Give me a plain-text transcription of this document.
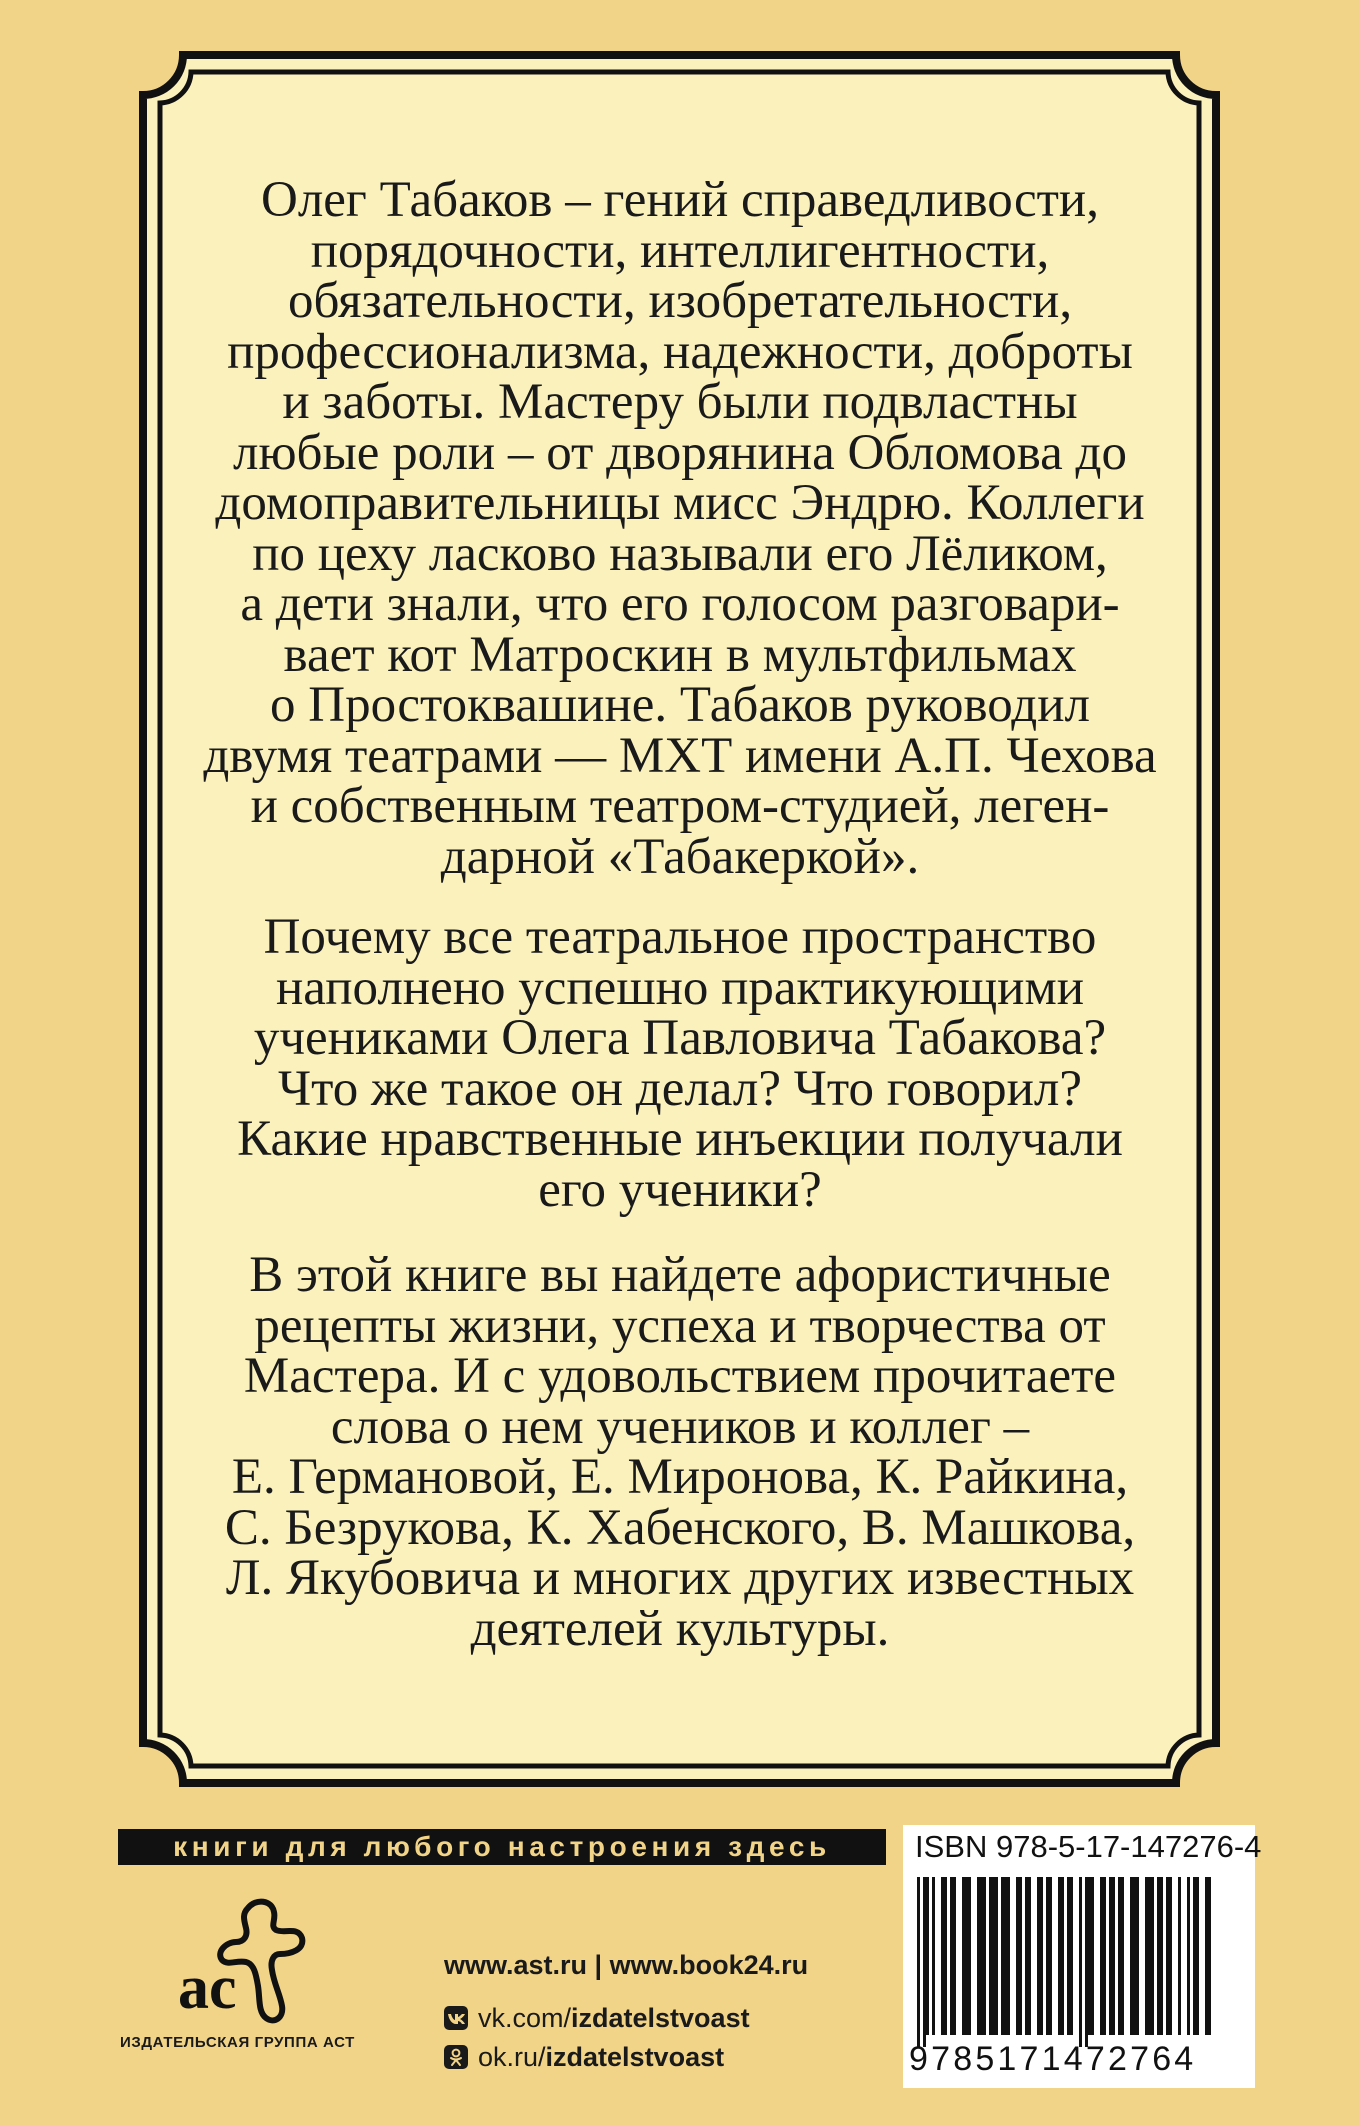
Олег Табаков – гений справедливости,
порядочности, интеллигентности,
обязательности, изобретательности,
профессионализма, надежности, доброты
и заботы. Мастеру были подвластны
любые роли – от дворянина Обломова до
домоправительницы мисс Эндрю. Коллеги
по цеху ласково называли его Лёликом,
а дети знали, что его голосом разговари-
вает кот Матроскин в мультфильмах
о Простоквашине. Табаков руководил
двумя театрами — МХТ имени А.П. Чехова
и собственным театром-студией, леген-
дарной «Табакеркой».
Почему все театральное пространство
наполнено успешно практикующими
учениками Олега Павловича Табакова?
Что же такое он делал? Что говорил?
Какие нравственные инъекции получали
его ученики?
В этой книге вы найдете афористичные
рецепты жизни, успеха и творчества от
Мастера. И с удовольствием прочитаете
слова о нем учеников и коллег –
Е. Германовой, Е. Миронова, К. Райкина,
С. Безрукова, К. Хабенского, В. Машкова,
Л. Якубовича и многих других известных
деятелей культуры.
книги для любого настроения здесь	ISBN 978-5-17-147276-4
9785171472764
ac
ИЗДАТЕЛЬСКАЯ ГРУППА АСТ
www.ast.ru | www.book24.ru
vk.com/izdatelstvoast
ok.ru/izdatelstvoast
